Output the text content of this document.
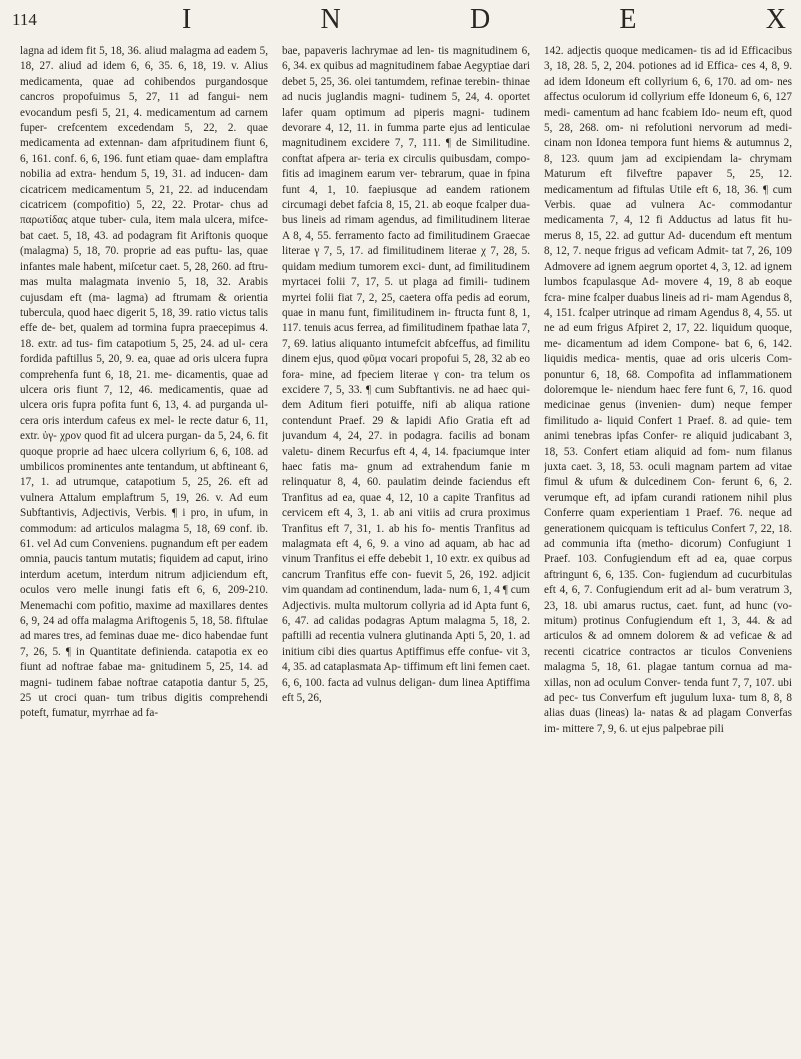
114	I	N	D	E	X

lagna ad idem fit 5, 18, 36. aliud malagma ad eadem 5, 18, 27. aliud ad idem 6, 6, 35. 6, 18, 19. v. Alius medicamenta, quae ad cohibendos purgandosque cancros propofuimus 5, 27, 11 ad fangui- nem evocandum pesfi 5, 21, 4. medicamentum ad carnem fuper- crefcentem excedendam 5, 22, 2. quae medicamenta ad extennan- dam afpritudinem fiunt 6, 6, 161. conf. 6, 6, 196. funt etiam quae- dam emplaftra nobilia ad extra- hendum 5, 19, 31. ad inducen- dam cicatricem medicamentum 5, 21, 22. ad inducendam cicatricem (compofitio) 5, 22, 22. Protar- chus ad παρωτίδας atque tuber- cula, item mala ulcera, mifce- bat caet. 5, 18, 43. ad podagram fit Ariftonis quoque (malagma) 5, 18, 70. proprie ad eas puftu- las, quae infantes male habent, miſcetur caet. 5, 28, 260. ad ftru- mas multa malagmata invenio 5, 18, 32. Arabis cujusdam eft (ma- lagma) ad ftrumam & orientia tubercula, quod haec digerit 5, 18, 39. ratio victus talis effe de- bet, qualem ad tormina fupra praecepimus 4. 18. extr. ad tus- fim catapotium 5, 25, 24. ad ul- cera fordida paftillus 5, 20, 9. ea, quae ad oris ulcera fupra comprehenfa funt 6, 18, 21. me- dicamentis, quae ad ulcera oris fiunt 7, 12, 46. medicamentis, quae ad ulcera oris fupra pofita funt 6, 13, 4. ad purganda ul- cera oris interdum cafeus ex mel- le recte datur 6, 11, extr. ὑγ- χρον quod fit ad ulcera purgan- da 5, 24, 6. fit quoque proprie ad haec ulcera collyrium 6, 6, 108. ad umbilicos prominentes ante tentandum, ut abftineant 6, 17, 1. ad utrumque, catapotium 5, 25, 26. eft ad vulnera Attalum emplaftrum 5, 19, 26. v. Ad eum Subftantivis, Adjectivis, Verbis. ¶ i pro, in ufum, in commodum: ad articulos malagma 5, 18, 69 conf. ib. 61. vel Ad cum Conveniens. pugnandum eft per eadem omnia, paucis tantum mutatis; fiquidem ad caput, irino interdum acetum, interdum nitrum adjiciendum eft, oculos vero melle inungi fatis eft 6, 6, 209-210. Menemachi com pofitio, maxime ad maxillares dentes 6, 9, 24 ad offa malagma Ariftogenis 5, 18, 58. fiftulae ad mares tres, ad feminas duae me- dico habendae funt 7, 26, 5. ¶ in Quantitate definienda. catapotia ex eo fiunt ad noftrae fabae ma- gnitudinem 5, 25, 14. ad magni- tudinem fabae noftrae catapotia dantur 5, 25, 25 ut croci quan- tum tribus digitis comprehendi poteft, fumatur, myrrhae ad fa-

bae, papaveris lachrymae ad len- tis magnitudinem 6, 6, 34. ex quibus ad magnitudinem fabae Aegyptiae dari debet 5, 25, 36. olei tantumdem, refinae terebin- thinae ad nucis juglandis magni- tudinem 5, 24, 4. oportet lafer quam optimum ad piperis magni- tudinem devorare 4, 12, 11. in fumma parte ejus ad lenticulae magnitudinem excidere 7, 7, 111. ¶ de Similitudine. conftat afpera ar- teria ex circulis quibusdam, compo- fitis ad imaginem earum ver- tebrarum, quae in fpina funt 4, 1, 10. faepiusque ad eandem rationem circumagi debet fafcia 8, 15, 21. ab eoque fcalper dua- bus lineis ad rimam agendus, ad fimilitudinem literae A 8, 4, 55. ferramento facto ad fimilitudinem Graecae literae γ 7, 5, 17. ad fimilitudinem literae χ 7, 28, 5. quidam medium tumorem exci- dunt, ad fimilitudinem myrtacei folii 7, 17, 5. ut plaga ad fimili- tudinem myrtei folii fiat 7, 2, 25, caetera offa pedis ad eorum, quae in manu funt, fimilitudinem in- ftructa funt 8, 1, 117. tenuis acus ferrea, ad fimilitudinem fpathae lata 7, 7, 69. latius aliquanto intumefcit abfceffus, ad fimilitu dinem ejus, quod φῦμα vocari propofui 5, 28, 32 ab eo fora- mine, ad fpeciem literae γ con- tra telum os excidere 7, 5, 33. ¶ cum Subftantivis. ne ad haec qui- dem Aditum fieri potuiffe, nifi ab aliqua ratione contendunt Praef. 29 & lapidi Afio Gratia eft ad juvandum 4, 24, 27. in podagra. facilis ad bonam valetu- dinem Recurfus eft 4, 4, 14. fpaciumque inter haec fatis ma- gnum ad extrahendum fanie m relinquatur 8, 4, 60. paulatim deinde faciendus eft Tranfitus ad ea, quae 4, 12, 10 a capite Tranfitus ad cervicem eft 4, 3, 1. ab ani vitiis ad crura proximus Tranfitus eft 7, 31, 1. ab his fo- mentis Tranfitus ad malagmata eft 4, 6, 9. a vino ad aquam, ab hac ad vinum Tranfitus ei effe debebit 1, 10 extr. ex quibus ad cancrum Tranfitus effe con- fuevit 5, 26, 192. adjicit vim quandam ad continendum, lada- num 6, 1, 4 ¶ cum Adjectivis. multa multorum collyria ad id Apta funt 6, 6, 47. ad calidas podagras Aptum malagma 5, 18, 2. paftilli ad recentia vulnera glutinanda Apti 5, 20, 1. ad initium cibi dies quartus Aptiffimus effe confue- vit 3, 4, 35. ad cataplasmata Ap- tiffimum eft lini femen caet. 6, 6, 100. facta ad vulnus deligan- dum linea Aptiffima eft 5, 26,

142. adjectis quoque medicamen- tis ad id Efficacibus 3, 18, 28. 5, 2, 204. potiones ad id Effica- ces 4, 8, 9. ad idem Idoneum eft collyrium 6, 6, 170. ad om- nes affectus oculorum id collyrium effe Idoneum 6, 6, 127 medi- camentum ad hanc fcabiem Ido- neum eft, quod 5, 28, 268. om- ni refolutioni nervorum ad medi- cinam non Idonea tempora funt hiems & autumnus 2, 8, 123. quum jam ad excipiendam la- chrymam Maturum eft filveftre papaver 5, 25, 12. medicamentum ad fiftulas Utile eft 6, 18, 36. ¶ cum Verbis. quae ad vulnera Ac- commodantur medicamenta 7, 4, 12 fi Adductus ad latus fit hu- merus 8, 15, 22. ad guttur Ad- ducendum eft mentum 8, 12, 7. neque frigus ad veficam Admit- tat 7, 26, 109 Admovere ad ignem aegrum oportet 4, 3, 12. ad ignem lumbos fcapulasque Ad- movere 4, 19, 8 ab eoque fcra- mine fcalper duabus lineis ad ri- mam Agendus 8, 4, 151. fcalper utrinque ad rimam Agendus 8, 4, 55. ut ne ad eum frigus Afpiret 2, 17, 22. liquidum quoque, me- dicamentum ad idem Compone- bat 6, 6, 142. liquidis medica- mentis, quae ad oris ulceris Com- ponuntur 6, 18, 68. Compofita ad inflammationem doloremque le- niendum haec fere funt 6, 7, 16. quod medicinae genus (invenien- dum) neque femper fimilitudo a- liquid Confert 1 Praef. 8. ad quie- tem animi tenebras ipfas Confer- re aliquid judicabant 3, 18, 53. Confert etiam aliquid ad fom- num filanus juxta caet. 3, 18, 53. oculi magnam partem ad vitae fimul & ufum & dulcedinem Con- ferunt 6, 6, 2. verumque eft, ad ipfam curandi rationem nihil plus Conferre quam experientiam 1 Praef. 76. neque ad generationem quicquam is tefticulus Confert 7, 22, 18. ad communia ifta (metho- dicorum) Confugiunt 1 Praef. 103. Confugiendum eft ad ea, quae corpus aftringunt 6, 6, 135. Con- fugiendum ad cucurbitulas eft 4, 6, 7. Confugiendum erit ad al- bum veratrum 3, 23, 18. ubi amarus ructus, caet. funt, ad hunc (vo- mitum) protinus Confugiendum eft 1, 3, 44. & ad articulos & ad omnem dolorem & ad veficae & ad recenti cicatrice contractos ar ticulos Conveniens malagma 5, 18, 61. plagae tantum cornua ad ma- xillas, non ad oculum Conver- tenda funt 7, 7, 107. ubi ad pec- tus Converfum eft jugulum luxa- tum 8, 8, 8 alias duas (lineas) la- natas & ad plagam Converfas im- mittere 7, 9, 6. ut ejus palpebrae pili
